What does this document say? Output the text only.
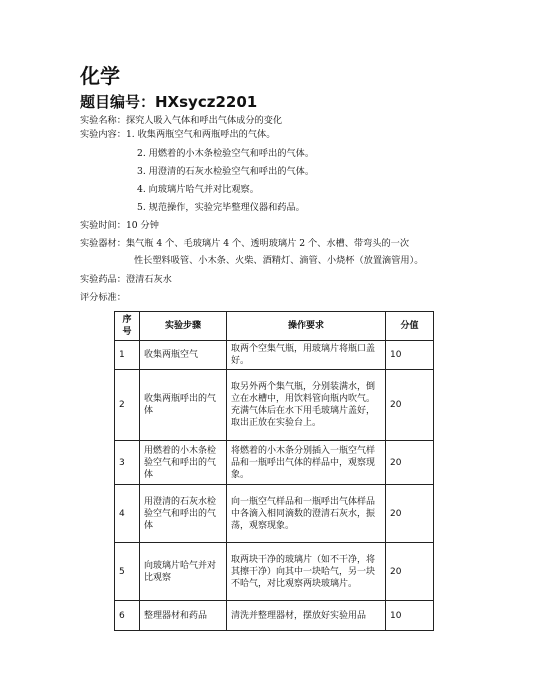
化学
题目编号：HXsycz2201
实验名称：探究人吸入气体和呼出气体成分的变化
实验内容：1. 收集两瓶空气和两瓶呼出的气体。
2. 用燃着的小木条检验空气和呼出的气体。
3. 用澄清的石灰水检验空气和呼出的气体。
4. 向玻璃片哈气并对比观察。
5. 规范操作，实验完毕整理仪器和药品。
实验时间：10 分钟
实验器材：集气瓶 4 个、毛玻璃片 4 个、透明玻璃片 2 个、水槽、带弯头的一次
性长塑料吸管、小木条、火柴、酒精灯、滴管、小烧杯（放置滴管用）。
实验药品：澄清石灰水
评分标准：
序号	实验步骤	操作要求	分值
1	收集两瓶空气	取两个空集气瓶，用玻璃片将瓶口盖好。	10
2	收集两瓶呼出的气体	取另外两个集气瓶，分别装满水，倒立在水槽中，用饮料管向瓶内吹气。充满气体后在水下用毛玻璃片盖好，取出正放在实验台上。	20
3	用燃着的小木条检验空气和呼出的气体	将燃着的小木条分别插入一瓶空气样品和一瓶呼出气体的样品中，观察现象。	20
4	用澄清的石灰水检验空气和呼出的气体	向一瓶空气样品和一瓶呼出气体样品中各滴入相同滴数的澄清石灰水，振荡，观察现象。	20
5	向玻璃片哈气并对比观察	取两块干净的玻璃片（如不干净，将其擦干净）向其中一块哈气，另一块不哈气，对比观察两块玻璃片。	20
6	整理器材和药品	清洗并整理器材，摆放好实验用品	10
